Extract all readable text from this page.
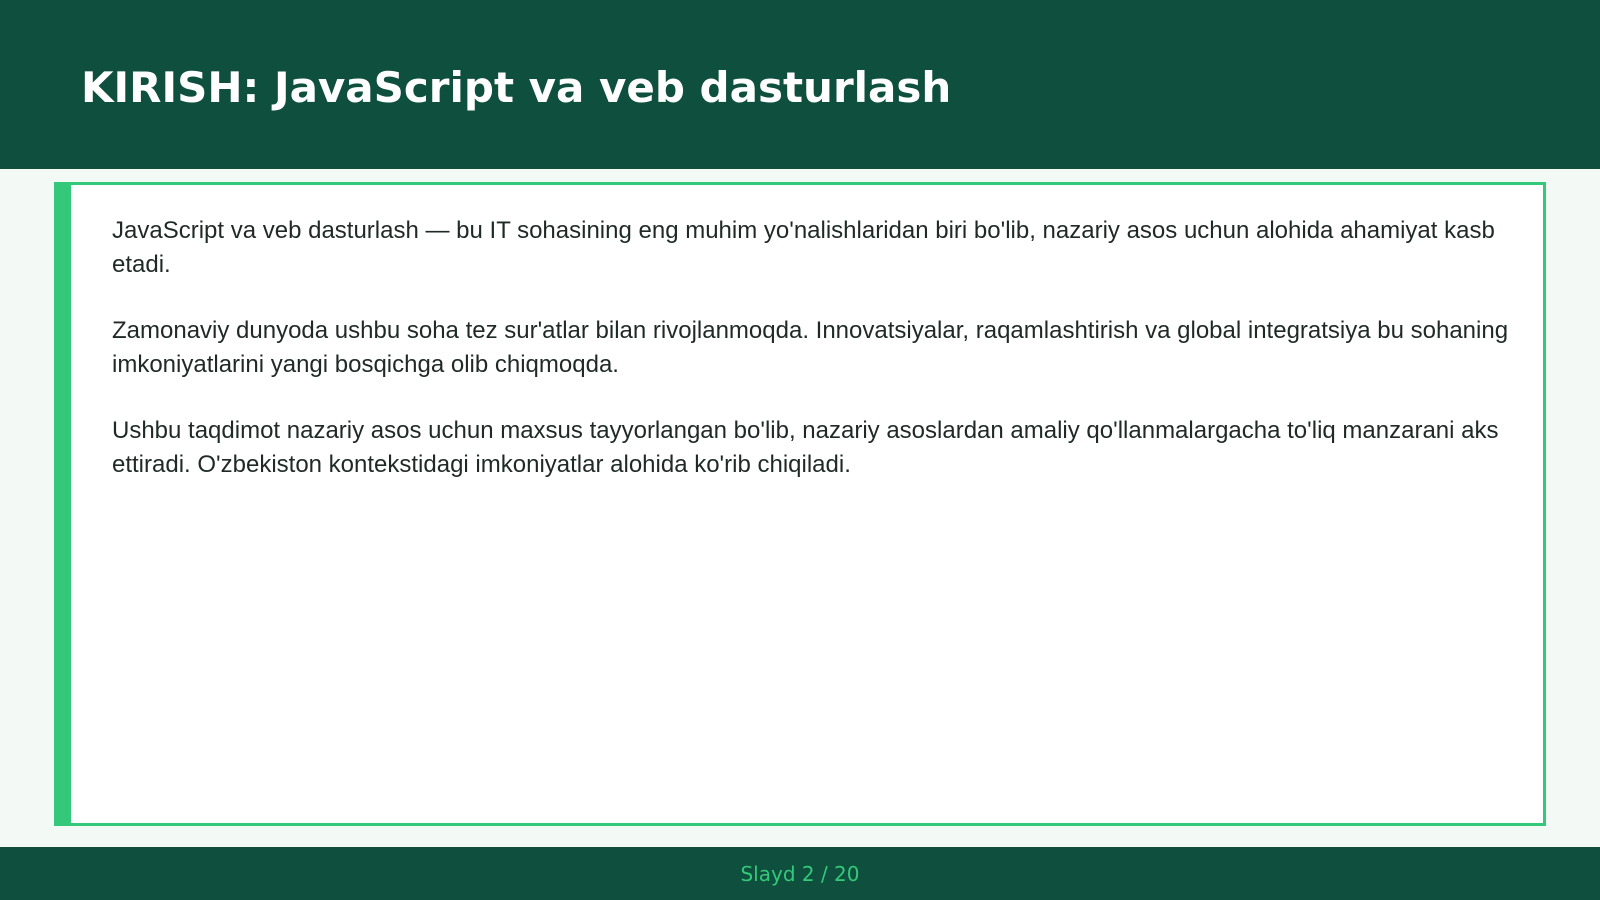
KIRISH: JavaScript va veb dasturlash

JavaScript va veb dasturlash — bu IT sohasining eng muhim yo'nalishlaridan biri bo'lib, nazariy asos uchun alohida ahamiyat kasb etadi.

Zamonaviy dunyoda ushbu soha tez sur'atlar bilan rivojlanmoqda. Innovatsiyalar, raqamlashtirish va global integratsiya bu sohaning imkoniyatlarini yangi bosqichga olib chiqmoqda.

Ushbu taqdimot nazariy asos uchun maxsus tayyorlangan bo'lib, nazariy asoslardan amaliy qo'llanmalargacha to'liq manzarani aks ettiradi. O'zbekiston kontekstidagi imkoniyatlar alohida ko'rib chiqiladi.

Slayd 2 / 20
